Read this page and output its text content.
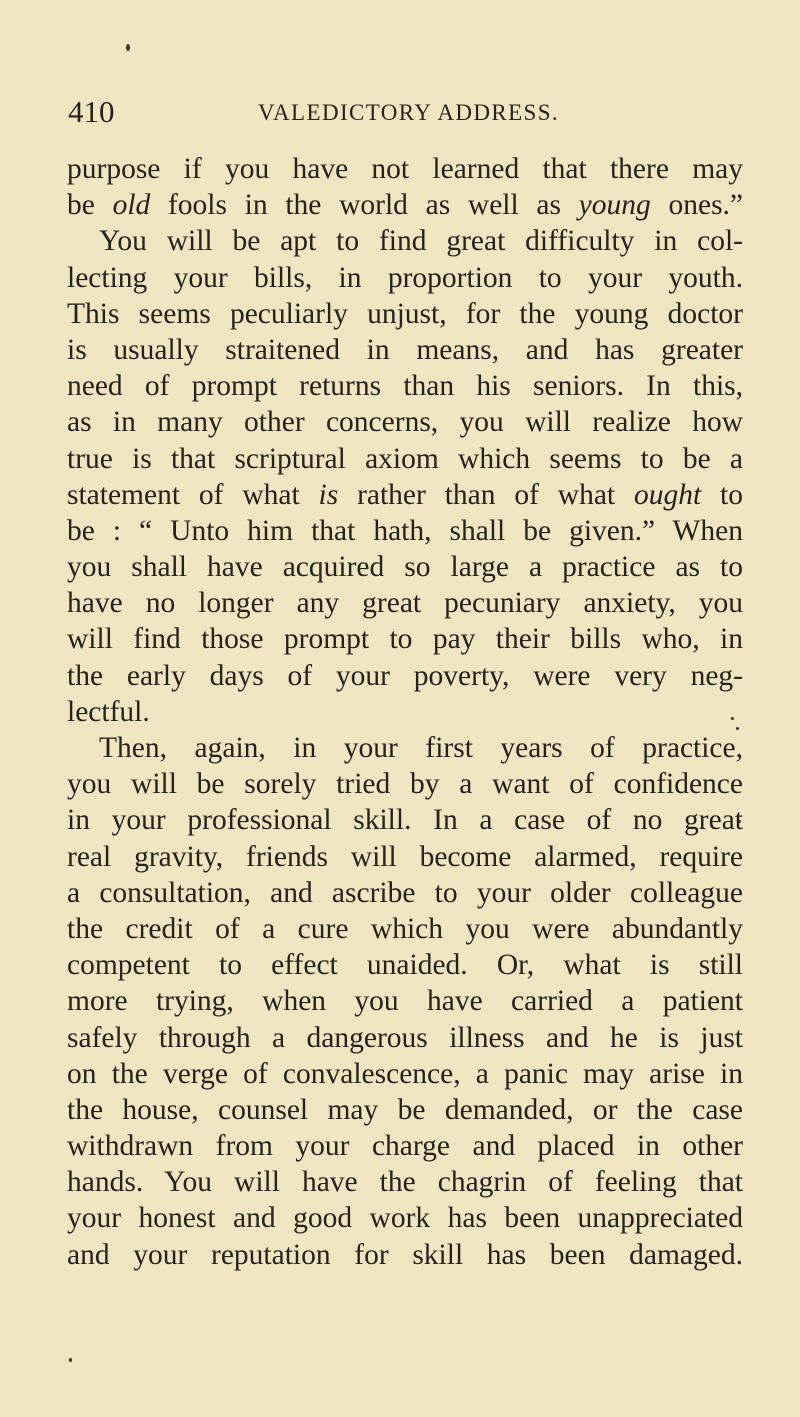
410	VALEDICTORY ADDRESS.
purpose if you have not learned that there may
be old fools in the world as well as young ones.”
You will be apt to find great difficulty in col-
lecting your bills, in proportion to your youth.
This seems peculiarly unjust, for the young doctor
is usually straitened in means, and has greater
need of prompt returns than his seniors. In this,
as in many other concerns, you will realize how
true is that scriptural axiom which seems to be a
statement of what is rather than of what ought to
be : “ Unto him that hath, shall be given.” When
you shall have acquired so large a practice as to
have no longer any great pecuniary anxiety, you
will find those prompt to pay their bills who, in
the early days of your poverty, were very neg-
lectful.
Then, again, in your first years of practice,
you will be sorely tried by a want of confidence
in your professional skill. In a case of no great
real gravity, friends will become alarmed, require
a consultation, and ascribe to your older colleague
the credit of a cure which you were abundantly
competent to effect unaided. Or, what is still
more trying, when you have carried a patient
safely through a dangerous illness and he is just
on the verge of convalescence, a panic may arise in
the house, counsel may be demanded, or the case
withdrawn from your charge and placed in other
hands. You will have the chagrin of feeling that
your honest and good work has been unappreciated
and your reputation for skill has been damaged.
